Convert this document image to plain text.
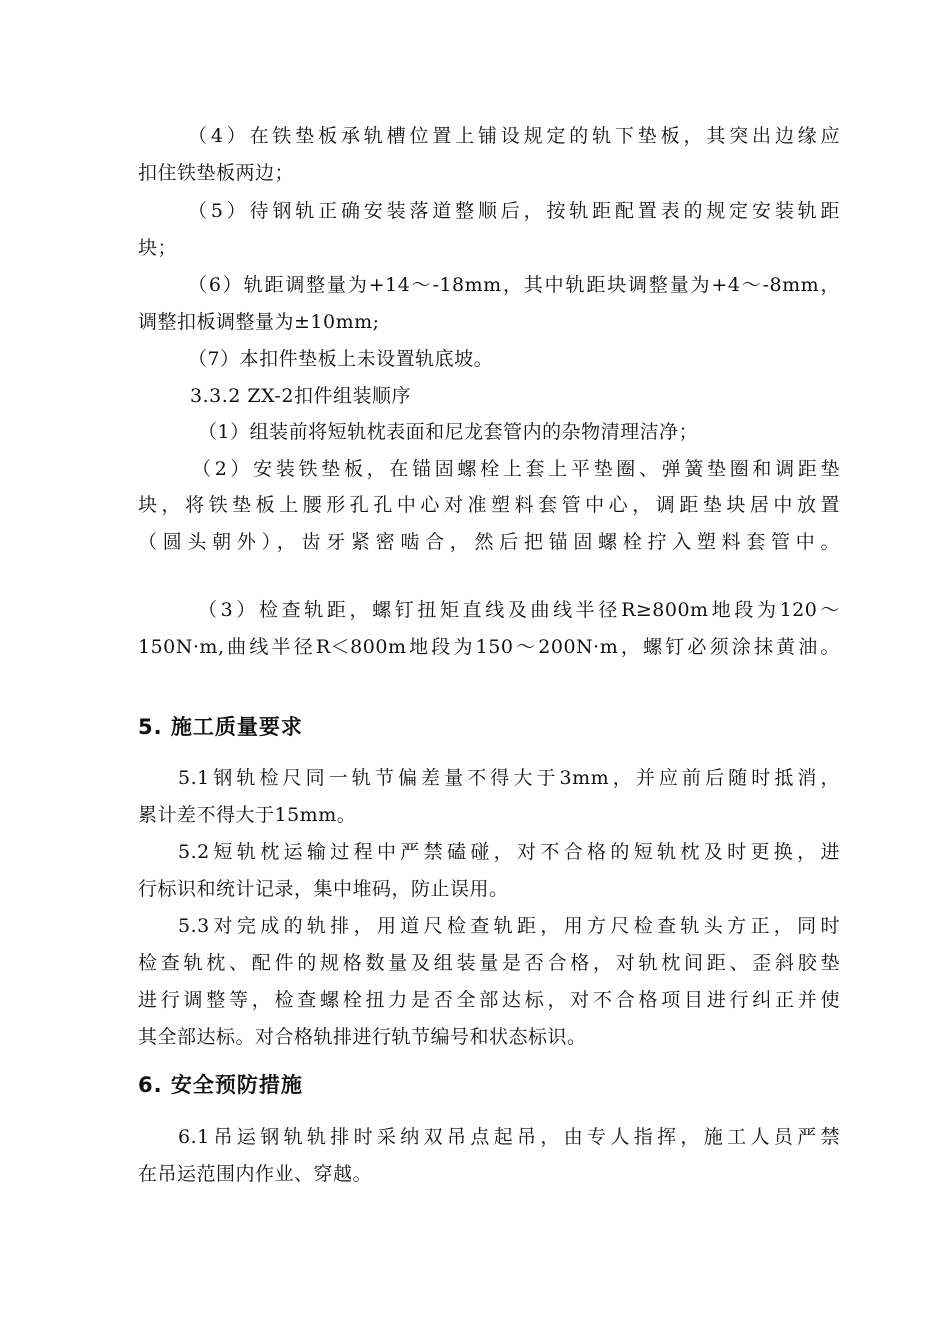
（4）在铁垫板承轨槽位置上铺设规定的轨下垫板，其突出边缘应
扣住铁垫板两边；
（5）待钢轨正确安装落道整顺后，按轨距配置表的规定安装轨距
块；
（6）轨距调整量为+14～-18mm，其中轨距块调整量为+4～-8mm，
调整扣板调整量为±10mm;
（7）本扣件垫板上未设置轨底坡。
3.3.2 ZX-2扣件组装顺序
（1）组装前将短轨枕表面和尼龙套管内的杂物清理洁净；
（2）安装铁垫板，在锚固螺栓上套上平垫圈、弹簧垫圈和调距垫
块，将铁垫板上腰形孔孔中心对准塑料套管中心，调距垫块居中放置
（圆头朝外），齿牙紧密啮合，然后把锚固螺栓拧入塑料套管中。
（3）检查轨距，螺钉扭矩直线及曲线半径R≥800m地段为120～
150N·m,曲线半径R＜800m地段为150～200N·m，螺钉必须涂抹黄油。
5. 施工质量要求
5.1钢轨检尺同一轨节偏差量不得大于3mm，并应前后随时抵消，
累计差不得大于15mm。
5.2短轨枕运输过程中严禁磕碰，对不合格的短轨枕及时更换，进
行标识和统计记录，集中堆码，防止误用。
5.3对完成的轨排，用道尺检查轨距，用方尺检查轨头方正，同时
检查轨枕、配件的规格数量及组装量是否合格，对轨枕间距、歪斜胶垫
进行调整等，检查螺栓扭力是否全部达标，对不合格项目进行纠正并使
其全部达标。对合格轨排进行轨节编号和状态标识。
6. 安全预防措施
6.1吊运钢轨轨排时采纳双吊点起吊，由专人指挥，施工人员严禁
在吊运范围内作业、穿越。
